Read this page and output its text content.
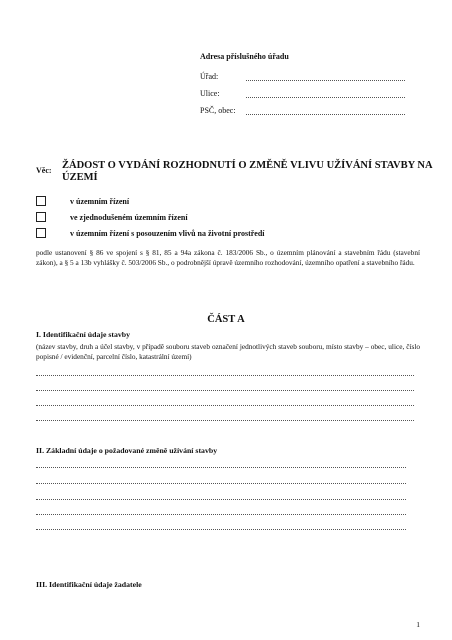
Adresa příslušného úřadu
Úřad:
Ulice:
PSČ, obec:
Věc: ŽÁDOST O VYDÁNÍ ROZHODNUTÍ O ZMĚNĚ VLIVU UŽÍVÁNÍ STAVBY NA ÚZEMÍ
v územním řízení
ve zjednodušeném územním řízení
v územním řízení s posouzením vlivů na životní prostředí
podle ustanovení § 86 ve spojení s § 81, 85 a 94a zákona č. 183/2006 Sb., o územním plánování a stavebním řádu (stavební zákon), a § 5 a 13b vyhlášky č. 503/2006 Sb., o podrobnější úpravě územního rozhodování, územního opatření a stavebního řádu.
ČÁST A
I. Identifikační údaje stavby
(název stavby, druh a účel stavby, v případě souboru staveb označení jednotlivých staveb souboru, místo stavby – obec, ulice, číslo popisné / evidenční, parcelní číslo, katastrální území)
II. Základní údaje o požadované změně užívání stavby
III. Identifikační údaje žadatele
1
